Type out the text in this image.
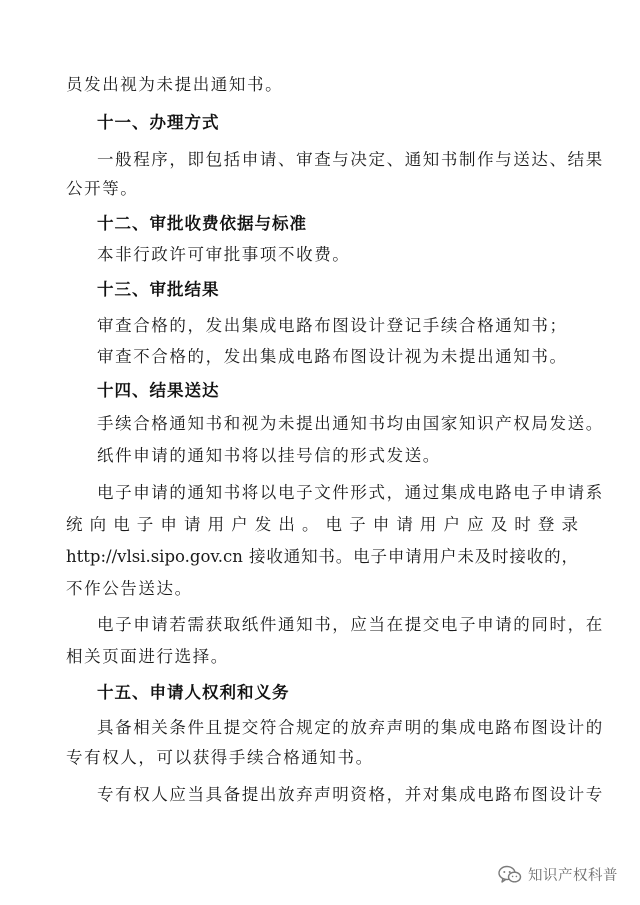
员发出视为未提出通知书。
十一、办理方式
一般程序，即包括申请、审查与决定、通知书制作与送达、结果
公开等。
十二、审批收费依据与标准
本非行政许可审批事项不收费。
十三、审批结果
审查合格的，发出集成电路布图设计登记手续合格通知书；
审查不合格的，发出集成电路布图设计视为未提出通知书。
十四、结果送达
手续合格通知书和视为未提出通知书均由国家知识产权局发送。
纸件申请的通知书将以挂号信的形式发送。
电子申请的通知书将以电子文件形式，通过集成电路电子申请系
统向电子申请用户发出。电子申请用户应及时登录
http://vlsi.sipo.gov.cn 接收通知书。电子申请用户未及时接收的，
不作公告送达。
电子申请若需获取纸件通知书，应当在提交电子申请的同时，在
相关页面进行选择。
十五、申请人权利和义务
具备相关条件且提交符合规定的放弃声明的集成电路布图设计的
专有权人，可以获得手续合格通知书。
专有权人应当具备提出放弃声明资格，并对集成电路布图设计专
知识产权科普
